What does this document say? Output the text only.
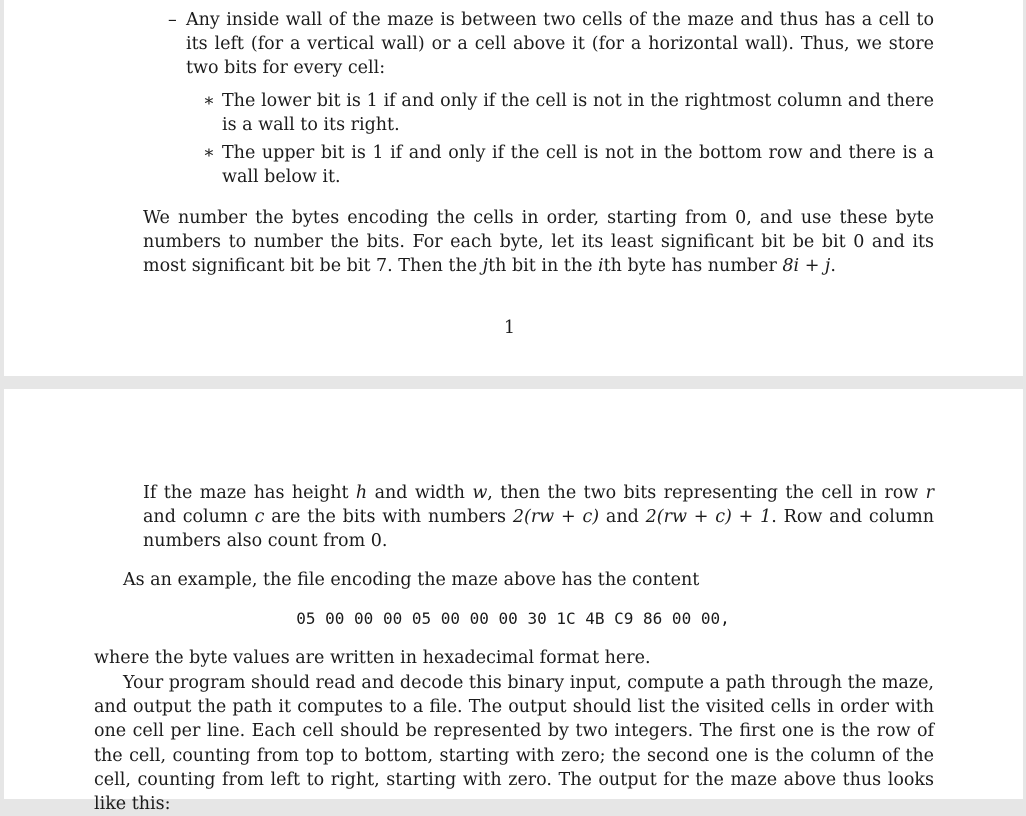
– Any inside wall of the maze is between two cells of the maze and thus has a cell to its left (for a vertical wall) or a cell above it (for a horizontal wall). Thus, we store two bits for every cell:
∗ The lower bit is 1 if and only if the cell is not in the rightmost column and there is a wall to its right.
∗ The upper bit is 1 if and only if the cell is not in the bottom row and there is a wall below it.
We number the bytes encoding the cells in order, starting from 0, and use these byte numbers to number the bits. For each byte, let its least significant bit be bit 0 and its most significant bit be bit 7. Then the jth bit in the ith byte has number 8i + j.
1
If the maze has height h and width w, then the two bits representing the cell in row r and column c are the bits with numbers 2(rw + c) and 2(rw + c) + 1. Row and column numbers also count from 0.
As an example, the file encoding the maze above has the content
05 00 00 00 05 00 00 00 30 1C 4B C9 86 00 00,
where the byte values are written in hexadecimal format here.
Your program should read and decode this binary input, compute a path through the maze, and output the path it computes to a file. The output should list the visited cells in order with one cell per line. Each cell should be represented by two integers. The first one is the row of the cell, counting from top to bottom, starting with zero; the second one is the column of the cell, counting from left to right, starting with zero. The output for the maze above thus looks like this:
